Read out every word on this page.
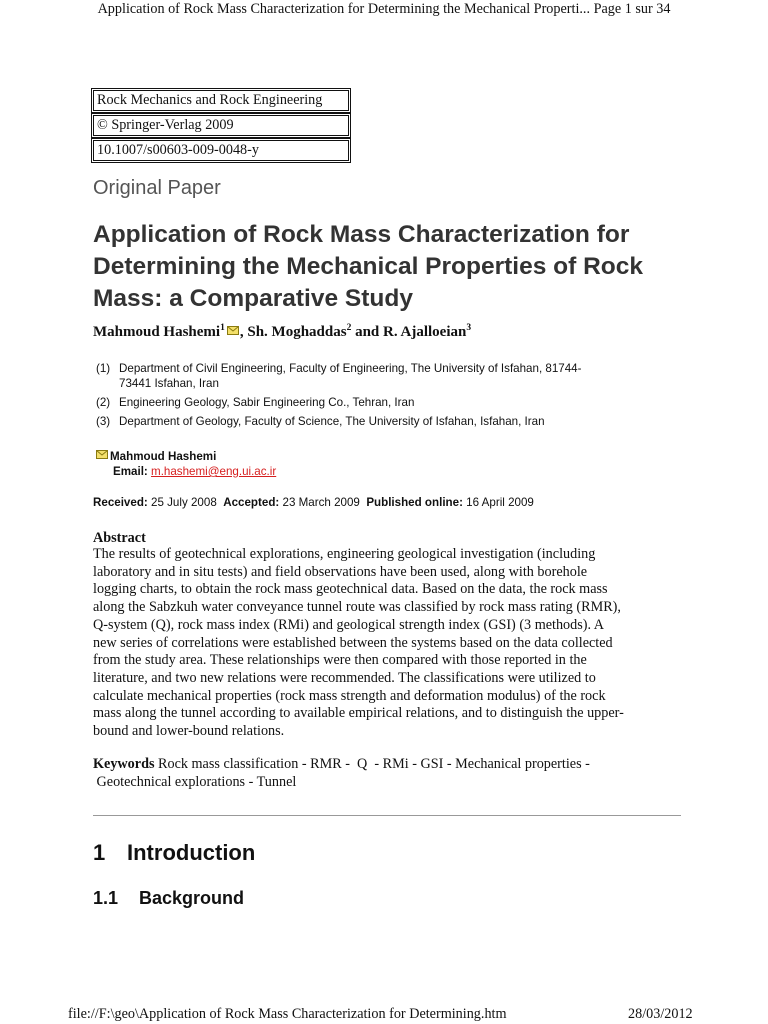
Application of Rock Mass Characterization for Determining the Mechanical Properti... Page 1 sur 34
Rock Mechanics and Rock Engineering
© Springer-Verlag 2009
10.1007/s00603-009-0048-y
Original Paper
Application of Rock Mass Characterization for Determining the Mechanical Properties of Rock Mass: a Comparative Study
Mahmoud Hashemi$^1$ , Sh. Moghaddas$^2$ and R. Ajalloeian$^3$
(1) Department of Civil Engineering, Faculty of Engineering, The University of Isfahan, 81744-
73441 Isfahan, Iran
(2) Engineering Geology, Sabir Engineering Co., Tehran, Iran
(3) Department of Geology, Faculty of Science, The University of Isfahan, Isfahan, Iran
Mahmoud Hashemi
Email: m.hashemi@eng.ui.ac.ir
Received: 25 July 2008 Accepted: 23 March 2009 Published online: 16 April 2009
Abstract
The results of geotechnical explorations, engineering geological investigation (including
laboratory and in situ tests) and field observations have been used, along with borehole
logging charts, to obtain the rock mass geotechnical data. Based on the data, the rock mass
along the Sabzkuh water conveyance tunnel route was classified by rock mass rating (RMR),
Q-system (Q), rock mass index (RMi) and geological strength index (GSI) (3 methods). A
new series of correlations were established between the systems based on the data collected
from the study area. These relationships were then compared with those reported in the
literature, and two new relations were recommended. The classifications were utilized to
calculate mechanical properties (rock mass strength and deformation modulus) of the rock
mass along the tunnel according to available empirical relations, and to distinguish the upper-
bound and lower-bound relations.
Keywords Rock mass classification - RMR -  Q  - RMi - GSI - Mechanical properties -
Geotechnical explorations - Tunnel
1 Introduction
1.1 Background
file://F:\geo\Application of Rock Mass Characterization for Determining.htm	28/03/2012
